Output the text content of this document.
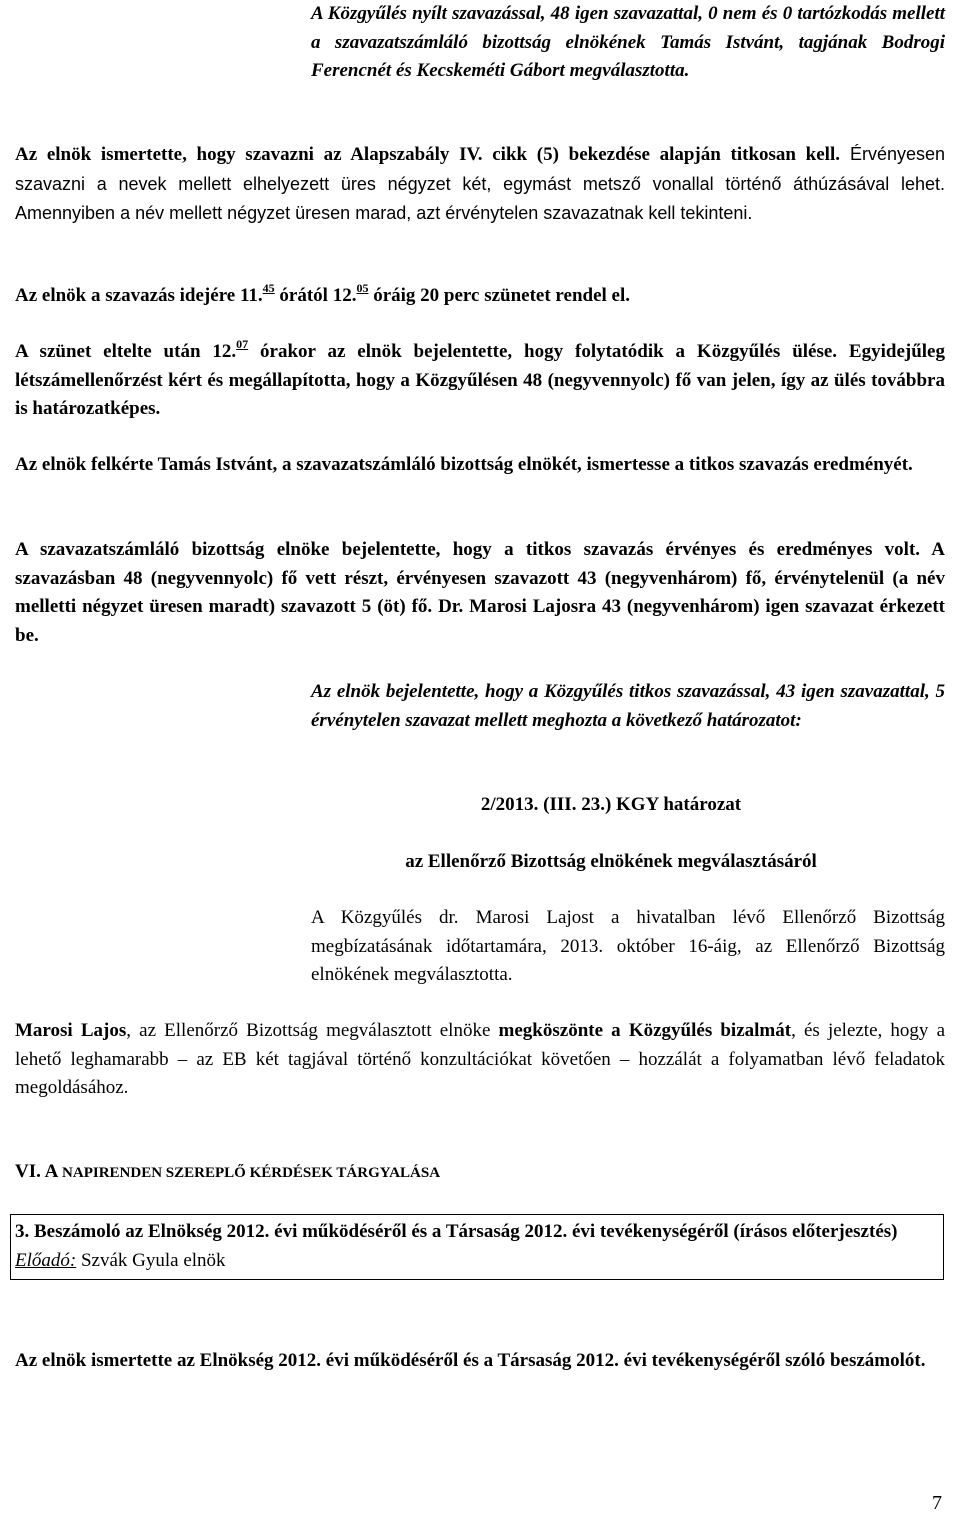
A Közgyűlés nyílt szavazással, 48 igen szavazattal, 0 nem és 0 tartózkodás mellett a szavazatszámláló bizottság elnökének Tamás Istvánt, tagjának Bodrogi Ferencnét és Kecskeméti Gábort megválasztotta.

Az elnök ismertette, hogy szavazni az Alapszabály IV. cikk (5) bekezdése alapján titkosan kell. Érvényesen szavazni a nevek mellett elhelyezett üres négyzet két, egymást metsző vonallal történő áthúzásával lehet. Amennyiben a név mellett négyzet üresen marad, azt érvénytelen szavazatnak kell tekinteni.

Az elnök a szavazás idejére 11.45 órától 12.05 óráig 20 perc szünetet rendel el.

A szünet eltelte után 12.07 órakor az elnök bejelentette, hogy folytatódik a Közgyűlés ülése. Egyidejűleg létszámellenőrzést kért és megállapította, hogy a Közgyűlésen 48 (negyvennyolc) fő van jelen, így az ülés továbbra is határozatképes.

Az elnök felkérte Tamás Istvánt, a szavazatszámláló bizottság elnökét, ismertesse a titkos szavazás eredményét.

A szavazatszámláló bizottság elnöke bejelentette, hogy a titkos szavazás érvényes és eredményes volt. A szavazásban 48 (negyvennyolc) fő vett részt, érvényesen szavazott 43 (negyvenhárom) fő, érvénytelenül (a név melletti négyzet üresen maradt) szavazott 5 (öt) fő. Dr. Marosi Lajosra 43 (negyvenhárom) igen szavazat érkezett be.

Az elnök bejelentette, hogy a Közgyűlés titkos szavazással, 43 igen szavazattal, 5 érvénytelen szavazat mellett meghozta a következő határozatot:

2/2013. (III. 23.) KGY határozat

az Ellenőrző Bizottság elnökének megválasztásáról

A Közgyűlés dr. Marosi Lajost a hivatalban lévő Ellenőrző Bizottság megbízatásának időtartamára, 2013. október 16-áig, az Ellenőrző Bizottság elnökének megválasztotta.

Marosi Lajos, az Ellenőrző Bizottság megválasztott elnöke megköszönte a Közgyűlés bizalmát, és jelezte, hogy a lehető leghamarabb – az EB két tagjával történő konzultációkat követően – hozzálát a folyamatban lévő feladatok megoldásához.

VI. A NAPIRENDEN SZEREPLŐ KÉRDÉSEK TÁRGYALÁSA

3. Beszámoló az Elnökség 2012. évi működéséről és a Társaság 2012. évi tevékenységéről (írásos előterjesztés)

Előadó: Szvák Gyula elnök

Az elnök ismertette az Elnökség 2012. évi működéséről és a Társaság 2012. évi tevékenységéről szóló beszámolót.

7
